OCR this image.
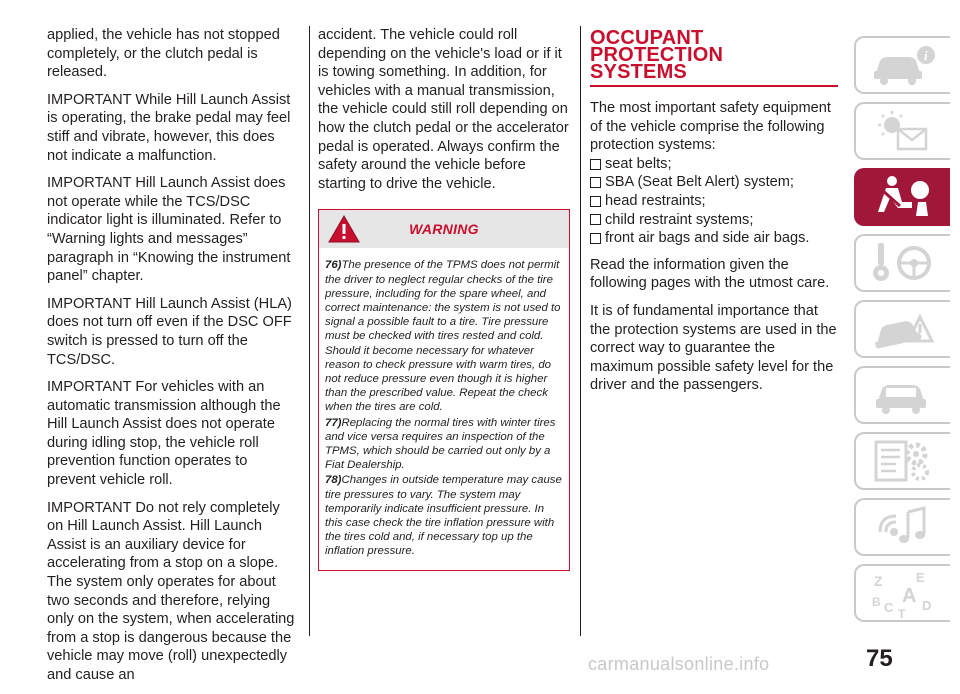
applied, the vehicle has not stopped completely, or the clutch pedal is released.

IMPORTANT While Hill Launch Assist is operating, the brake pedal may feel stiff and vibrate, however, this does not indicate a malfunction.

IMPORTANT Hill Launch Assist does not operate while the TCS/DSC indicator light is illuminated. Refer to “Warning lights and messages” paragraph in “Knowing the instrument panel” chapter.

IMPORTANT Hill Launch Assist (HLA) does not turn off even if the DSC OFF switch is pressed to turn off the TCS/DSC.

IMPORTANT For vehicles with an automatic transmission although the Hill Launch Assist does not operate during idling stop, the vehicle roll prevention function operates to prevent vehicle roll.

IMPORTANT Do not rely completely on Hill Launch Assist. Hill Launch Assist is an auxiliary device for accelerating from a stop on a slope. The system only operates for about two seconds and therefore, relying only on the system, when accelerating from a stop is dangerous because the vehicle may move (roll) unexpectedly and cause an

accident. The vehicle could roll depending on the vehicle's load or if it is towing something. In addition, for vehicles with a manual transmission, the vehicle could still roll depending on how the clutch pedal or the accelerator pedal is operated. Always confirm the safety around the vehicle before starting to drive the vehicle.

WARNING
76)The presence of the TPMS does not permit the driver to neglect regular checks of the tire pressure, including for the spare wheel, and correct maintenance: the system is not used to signal a possible fault to a tire. Tire pressure must be checked with tires rested and cold. Should it become necessary for whatever reason to check pressure with warm tires, do not reduce pressure even though it is higher than the prescribed value. Repeat the check when the tires are cold.
77)Replacing the normal tires with winter tires and vice versa requires an inspection of the TPMS, which should be carried out only by a Fiat Dealership.
78)Changes in outside temperature may cause tire pressures to vary. The system may temporarily indicate insufficient pressure. In this case check the tire inflation pressure with the tires cold and, if necessary top up the inflation pressure.
OCCUPANT
PROTECTION
SYSTEMS

The most important safety equipment of the vehicle comprise the following protection systems:

seat belts;
SBA (Seat Belt Alert) system;
head restraints;
child restraint systems;
front air bags and side air bags.

Read the information given the following pages with the utmost care.

It is of fundamental importance that the protection systems are used in the correct way to guarantee the maximum possible safety level for the driver and the passengers.

i
Z	E
B A
C D
T
75
carmanualsonline.info
